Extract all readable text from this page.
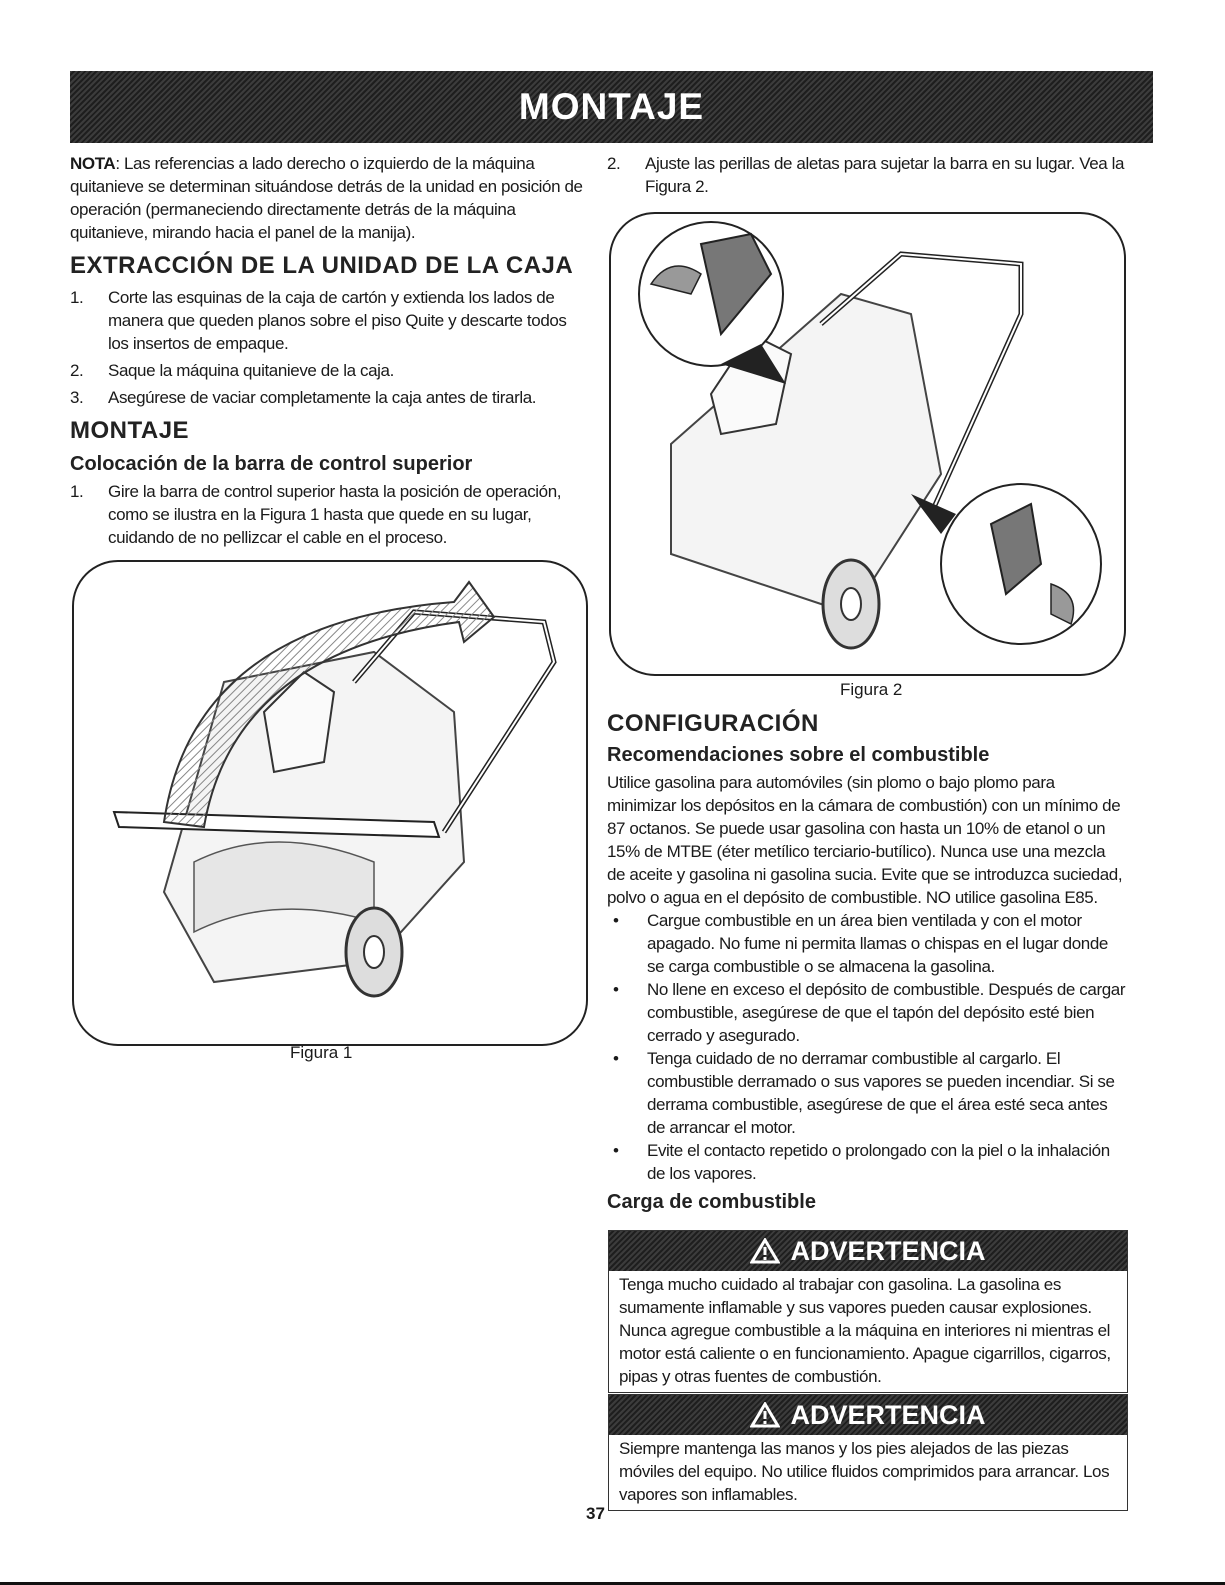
MONTAJE

NOTA: Las referencias a lado derecho o izquierdo de la máquina quitanieve se determinan situándose detrás de la unidad en posición de operación (permaneciendo directamente detrás de la máquina quitanieve, mirando hacia el panel de la manija).

EXTRACCIÓN DE LA UNIDAD DE LA CAJA
1.	Corte las esquinas de la caja de cartón y extienda los lados de manera que queden planos sobre el piso Quite y descarte todos los insertos de empaque.
2.	Saque la máquina quitanieve de la caja.
3.	Asegúrese de vaciar completamente la caja antes de tirarla.
MONTAJE
Colocación de la barra de control superior
1.	Gire la barra de control superior hasta la posición de operación, como se ilustra en la Figura 1 hasta que quede en su lugar, cuidando de no pellizcar el cable en el proceso.
Figura 1
2.	Ajuste las perillas de aletas para sujetar la barra en su lugar. Vea la Figura 2.
Figura 2
CONFIGURACIÓN
Recomendaciones sobre el combustible

Utilice gasolina para automóviles (sin plomo o bajo plomo para minimizar los depósitos en la cámara de combustión) con un mínimo de 87 octanos. Se puede usar gasolina con hasta un 10% de etanol o un 15% de MTBE (éter metílico terciario-butílico). Nunca use una mezcla de aceite y gasolina ni gasolina sucia. Evite que se introduzca suciedad, polvo o agua en el depósito de combustible. NO utilice gasolina E85.

•	Cargue combustible en un área bien ventilada y con el motor apagado. No fume ni permita llamas o chispas en el lugar donde se carga combustible o se almacena la gasolina.
•	No llene en exceso el depósito de combustible. Después de cargar combustible, asegúrese de que el tapón del depósito esté bien cerrado y asegurado.
•	Tenga cuidado de no derramar combustible al cargarlo. El combustible derramado o sus vapores se pueden incendiar. Si se derrama combustible, asegúrese de que el área esté seca antes de arrancar el motor.
•	Evite el contacto repetido o prolongado con la piel o la inhalación de los vapores.
Carga de combustible
ADVERTENCIA
Tenga mucho cuidado al trabajar con gasolina. La gasolina es sumamente inflamable y sus vapores pueden causar explosiones. Nunca agregue combustible a la máquina en interiores ni mientras el motor está caliente o en funcionamiento. Apague cigarrillos, cigarros, pipas y otras fuentes de combustión.
ADVERTENCIA
Siempre mantenga las manos y los pies alejados de las piezas móviles del equipo. No utilice fluidos comprimidos para arrancar. Los vapores son inflamables.
37
